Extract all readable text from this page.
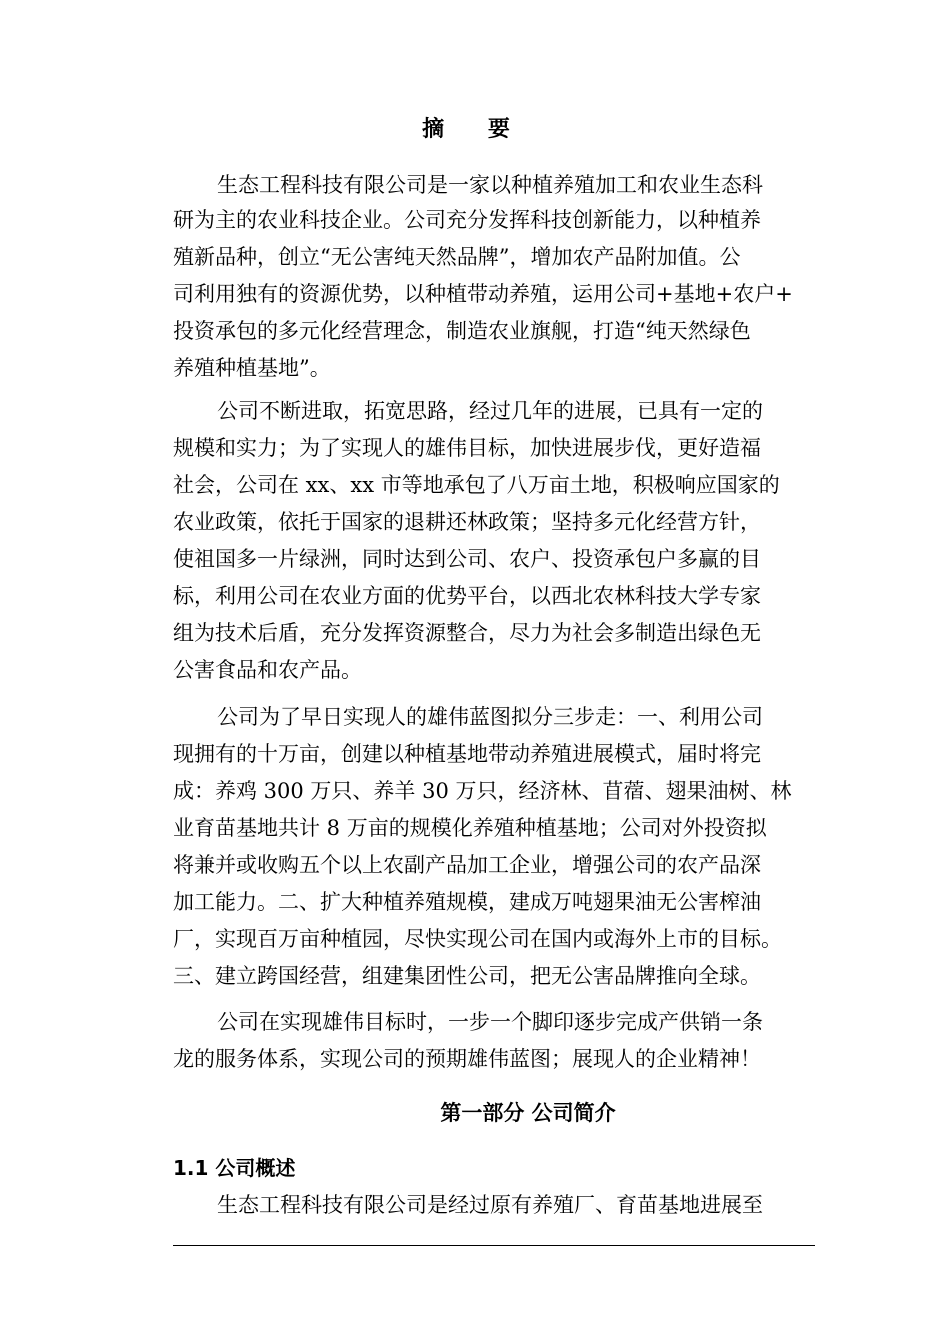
摘 要
生态工程科技有限公司是一家以种植养殖加工和农业生态科
研为主的农业科技企业。公司充分发挥科技创新能力，以种植养
殖新品种，创立“无公害纯天然品牌”，增加农产品附加值。公
司利用独有的资源优势，以种植带动养殖，运用公司+基地+农户+
投资承包的多元化经营理念，制造农业旗舰，打造“纯天然绿色
养殖种植基地”。
公司不断进取，拓宽思路，经过几年的进展，已具有一定的
规模和实力；为了实现人的雄伟目标，加快进展步伐，更好造福
社会，公司在 xx、xx 市等地承包了八万亩土地，积极响应国家的
农业政策，依托于国家的退耕还林政策；坚持多元化经营方针，
使祖国多一片绿洲，同时达到公司、农户、投资承包户多赢的目
标，利用公司在农业方面的优势平台，以西北农林科技大学专家
组为技术后盾，充分发挥资源整合，尽力为社会多制造出绿色无
公害食品和农产品。
公司为了早日实现人的雄伟蓝图拟分三步走：一、利用公司
现拥有的十万亩，创建以种植基地带动养殖进展模式，届时将完
成：养鸡 300 万只、养羊 30 万只，经济林、苜蓿、翅果油树、林
业育苗基地共计 8 万亩的规模化养殖种植基地；公司对外投资拟
将兼并或收购五个以上农副产品加工企业，增强公司的农产品深
加工能力。二、扩大种植养殖规模，建成万吨翅果油无公害榨油
厂，实现百万亩种植园，尽快实现公司在国内或海外上市的目标。
三、建立跨国经营，组建集团性公司，把无公害品牌推向全球。
公司在实现雄伟目标时，一步一个脚印逐步完成产供销一条
龙的服务体系，实现公司的预期雄伟蓝图；展现人的企业精神！
第一部分 公司简介
1.1 公司概述
生态工程科技有限公司是经过原有养殖厂、育苗基地进展至
